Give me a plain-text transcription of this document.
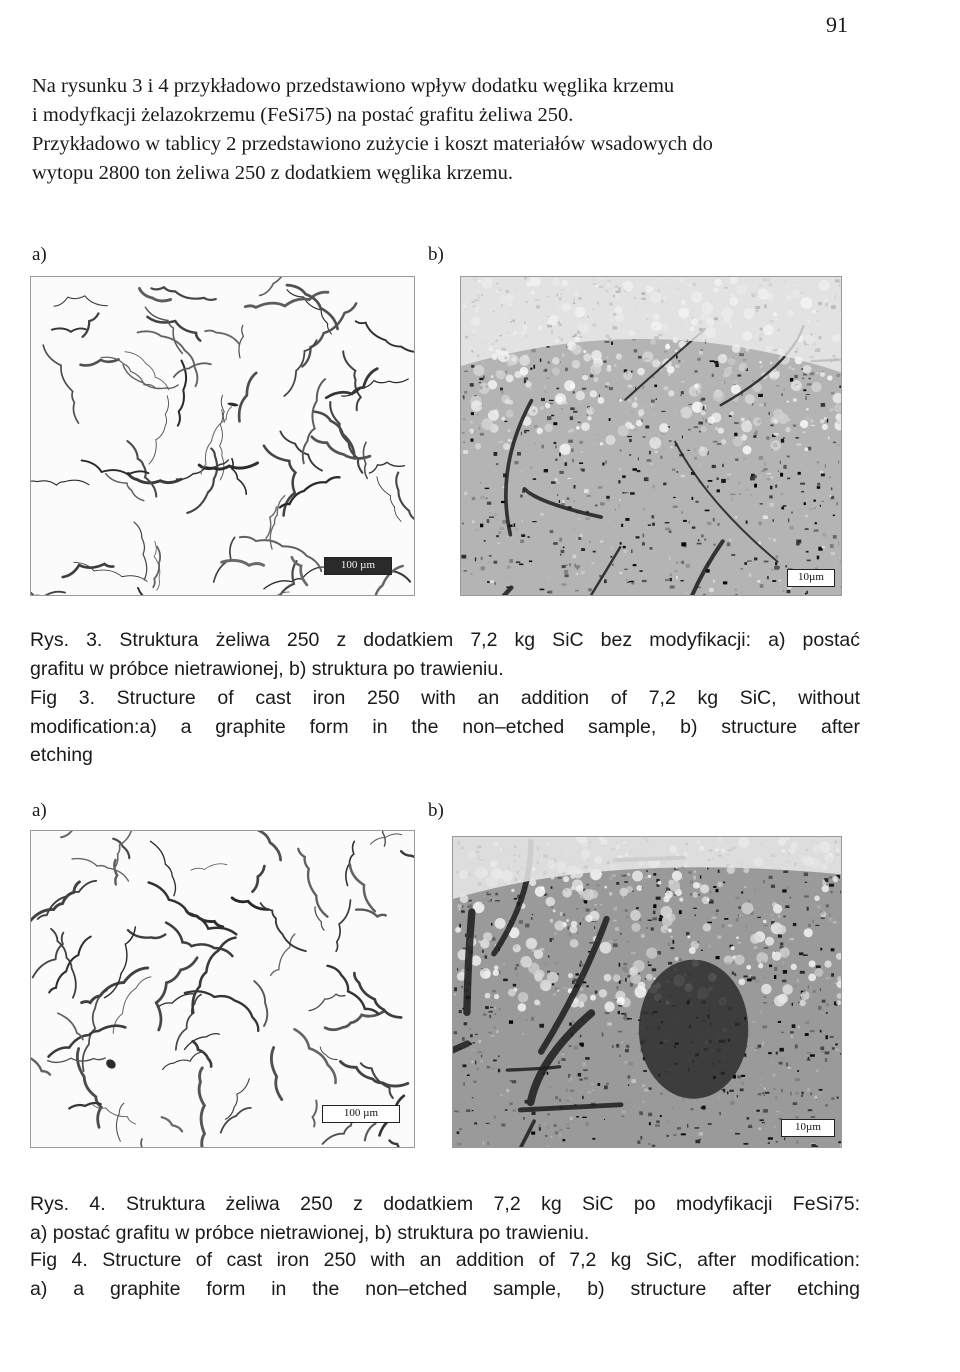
91

Na rysunku 3 i 4 przykładowo przedstawiono wpływ dodatku węglika krzemu

i modyfkacji żelazokrzemu (FeSi75) na postać grafitu żeliwa 250.

Przykładowo w tablicy 2 przedstawiono zużycie i koszt materiałów wsadowych do

wytopu 2800 ton żeliwa 250 z dodatkiem węglika krzemu.

a)	b)
100 µm
10µm

Rys. 3. Struktura żeliwa 250 z dodatkiem 7,2 kg SiC bez modyfikacji: a) postać

grafitu w próbce nietrawionej, b) struktura po trawieniu.

Fig 3. Structure of cast iron 250 with an addition of 7,2 kg SiC, without

modification:a) a graphite form in the non–etched sample, b) structure after

etching

a)	b)
100 µm
10µm

Rys. 4. Struktura żeliwa 250 z dodatkiem 7,2 kg SiC po modyfikacji FeSi75:

a) postać grafitu w próbce nietrawionej, b) struktura po trawieniu.

Fig 4. Structure of cast iron 250 with an addition of 7,2 kg SiC, after modification:

a) a graphite form in the non–etched sample, b) structure after etching
